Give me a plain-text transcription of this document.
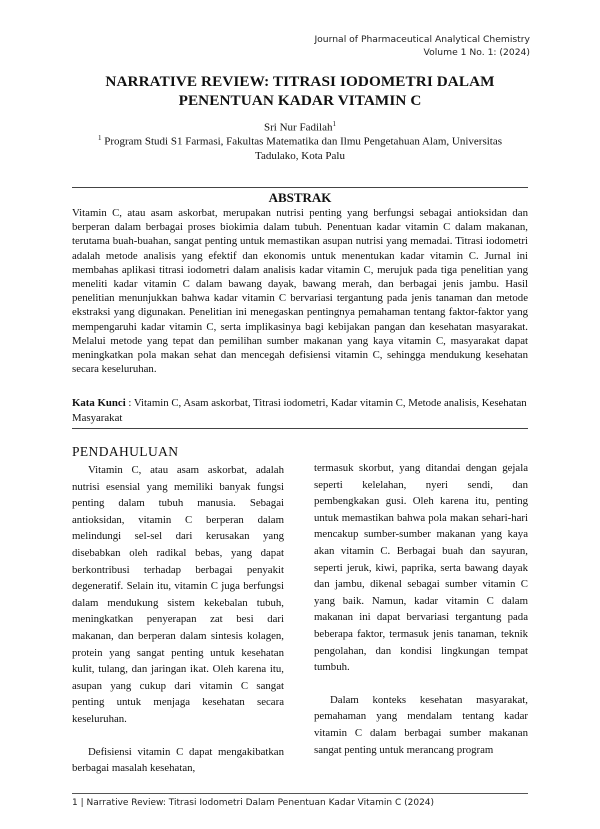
Journal of Pharmaceutical Analytical Chemistry
Volume 1 No. 1: (2024)
NARRATIVE REVIEW: TITRASI IODOMETRI DALAM
PENENTUAN KADAR VITAMIN C
Sri Nur Fadilah$^1$
$^1$ Program Studi S1 Farmasi, Fakultas Matematika dan Ilmu Pengetahuan Alam, Universitas
Tadulako, Kota Palu
ABSTRAK

Vitamin C, atau asam askorbat, merupakan nutrisi penting yang berfungsi sebagai antioksidan dan berperan dalam berbagai proses biokimia dalam tubuh. Penentuan kadar vitamin C dalam makanan, terutama buah-buahan, sangat penting untuk memastikan asupan nutrisi yang memadai. Titrasi iodometri adalah metode analisis yang efektif dan ekonomis untuk menentukan kadar vitamin C. Jurnal ini membahas aplikasi titrasi iodometri dalam analisis kadar vitamin C, merujuk pada tiga penelitian yang meneliti kadar vitamin C dalam bawang dayak, bawang merah, dan berbagai jenis jambu. Hasil penelitian menunjukkan bahwa kadar vitamin C bervariasi tergantung pada jenis tanaman dan metode ekstraksi yang digunakan. Penelitian ini menegaskan pentingnya pemahaman tentang faktor-faktor yang mempengaruhi kadar vitamin C, serta implikasinya bagi kebijakan pangan dan kesehatan masyarakat. Melalui metode yang tepat dan pemilihan sumber makanan yang kaya vitamin C, masyarakat dapat meningkatkan pola makan sehat dan mencegah defisiensi vitamin C, sehingga mendukung kesehatan secara keseluruhan.

Kata Kunci : Vitamin C, Asam askorbat, Titrasi iodometri, Kadar vitamin C, Metode analisis, Kesehatan Masyarakat

PENDAHULUAN

Vitamin C, atau asam askorbat, adalah nutrisi esensial yang memiliki banyak fungsi penting dalam tubuh manusia. Sebagai antioksidan, vitamin C berperan dalam melindungi sel-sel dari kerusakan yang disebabkan oleh radikal bebas, yang dapat berkontribusi terhadap berbagai penyakit degeneratif. Selain itu, vitamin C juga berfungsi dalam mendukung sistem kekebalan tubuh, meningkatkan penyerapan zat besi dari makanan, dan berperan dalam sintesis kolagen, protein yang sangat penting untuk kesehatan kulit, tulang, dan jaringan ikat. Oleh karena itu, asupan yang cukup dari vitamin C sangat penting untuk menjaga kesehatan secara keseluruhan.

Defisiensi vitamin C dapat mengakibatkan berbagai masalah kesehatan,

termasuk skorbut, yang ditandai dengan gejala seperti kelelahan, nyeri sendi, dan pembengkakan gusi. Oleh karena itu, penting untuk memastikan bahwa pola makan sehari-hari mencakup sumber-sumber makanan yang kaya akan vitamin C. Berbagai buah dan sayuran, seperti jeruk, kiwi, paprika, serta bawang dayak dan jambu, dikenal sebagai sumber vitamin C yang baik. Namun, kadar vitamin C dalam makanan ini dapat bervariasi tergantung pada beberapa faktor, termasuk jenis tanaman, teknik pengolahan, dan kondisi lingkungan tempat tumbuh.

Dalam konteks kesehatan masyarakat, pemahaman yang mendalam tentang kadar vitamin C dalam berbagai sumber makanan sangat penting untuk merancang program

1 | Narrative Review: Titrasi Iodometri Dalam Penentuan Kadar Vitamin C (2024)
